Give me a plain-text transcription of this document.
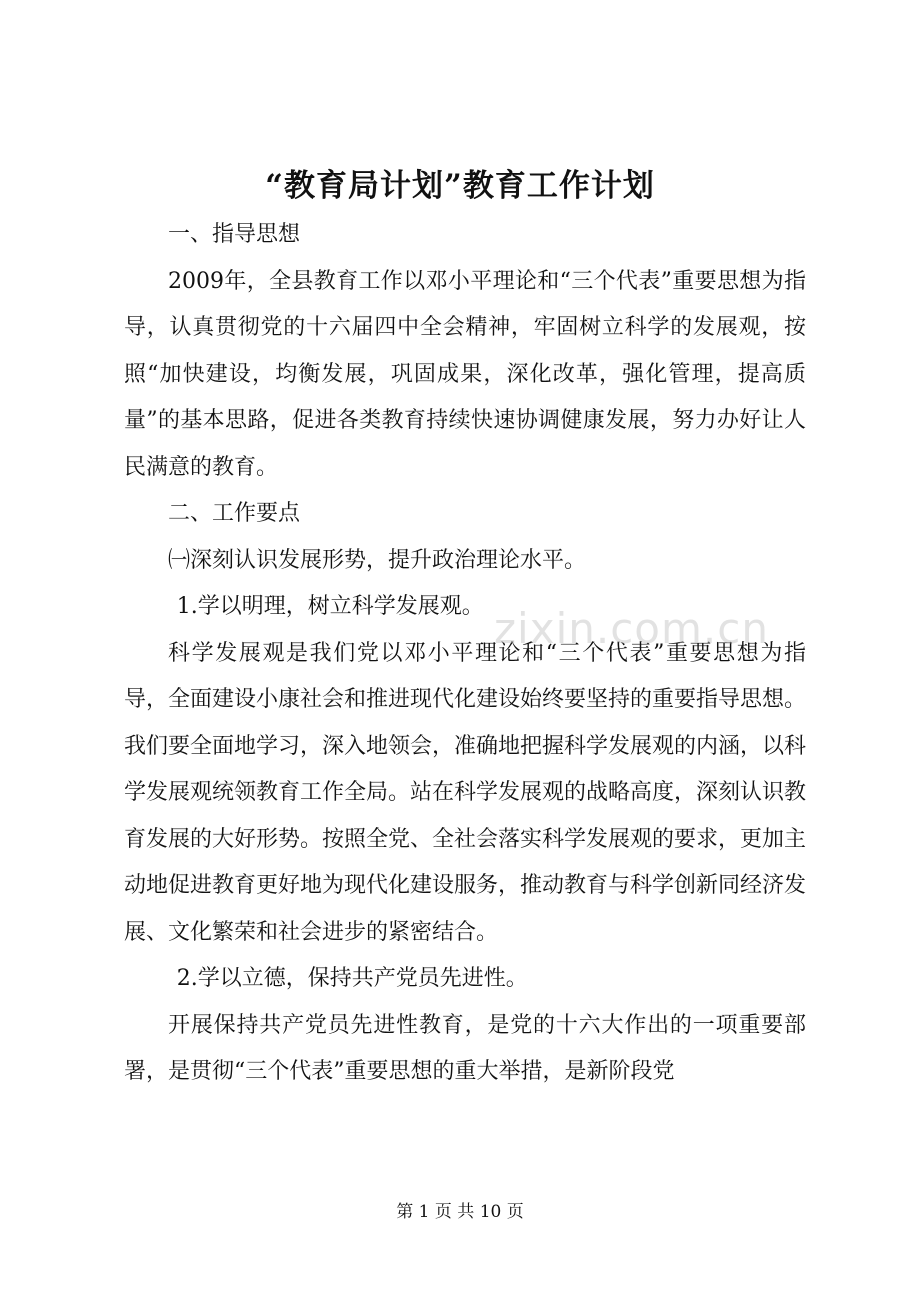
“教育局计划”教育工作计划

一、指导思想

2009年，全县教育工作以邓小平理论和“三个代表”重要思想为指导，认真贯彻党的十六届四中全会精神，牢固树立科学的发展观，按照“加快建设，均衡发展，巩固成果，深化改革，强化管理，提高质量”的基本思路，促进各类教育持续快速协调健康发展，努力办好让人民满意的教育。

二、工作要点

㈠深刻认识发展形势，提升政治理论水平。

1.学以明理，树立科学发展观。

科学发展观是我们党以邓小平理论和“三个代表”重要思想为指导，全面建设小康社会和推进现代化建设始终要坚持的重要指导思想。我们要全面地学习，深入地领会，准确地把握科学发展观的内涵，以科学发展观统领教育工作全局。站在科学发展观的战略高度，深刻认识教育发展的大好形势。按照全党、全社会落实科学发展观的要求，更加主动地促进教育更好地为现代化建设服务，推动教育与科学创新同经济发展、文化繁荣和社会进步的紧密结合。

2.学以立德，保持共产党员先进性。

开展保持共产党员先进性教育，是党的十六大作出的一项重要部署，是贯彻“三个代表”重要思想的重大举措，是新阶段党

zixin.com.cn
第 1 页 共 10 页
